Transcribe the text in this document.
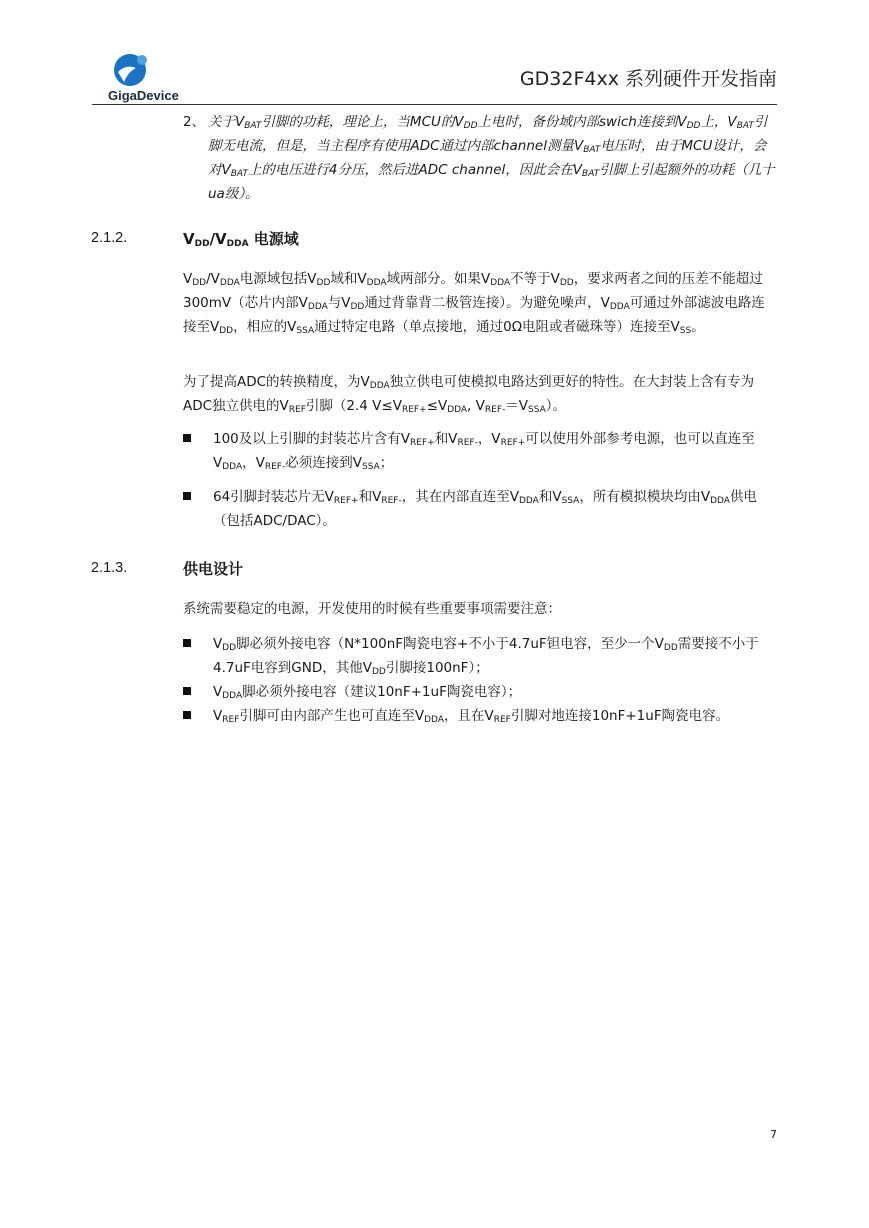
GigaDevice
GD32F4xx 系列硬件开发指南
2、 关于$V_{BAT}$引脚的功耗，理论上，当MCU的$V_{DD}$上电时，备份域内部swich连接到$V_{DD}$上，$V_{BAT}$引脚无电流，但是，当主程序有使用ADC通过内部channel测量$V_{BAT}$电压时，由于MCU设计，会对$V_{BAT}$上的电压进行4分压，然后进ADC channel，因此会在$V_{BAT}$引脚上引起额外的功耗（几十ua级）。
2.1.2.	$V_{DD}/V_{DDA}$ 电源域
$V_{DD}/V_{DDA}$电源域包括$V_{DD}$域和$V_{DDA}$域两部分。如果$V_{DDA}$不等于$V_{DD}$，要求两者之间的压差不能超过300mV（芯片内部$V_{DDA}$与$V_{DD}$通过背靠背二极管连接）。为避免噪声，$V_{DDA}$可通过外部滤波电路连接至$V_{DD}$，相应的$V_{SSA}$通过特定电路（单点接地，通过0Ω电阻或者磁珠等）连接至$V_{SS}$。
为了提高ADC的转换精度，为$V_{DDA}$独立供电可使模拟电路达到更好的特性。在大封装上含有专为ADC独立供电的$V_{REF}$引脚（2.4 $V\le V_{REF+}\le V_{DDA}$, $V_{REF-}=V_{SSA}$）。
100及以上引脚的封装芯片含有$V_{REF+}$和$V_{REF-}$，$V_{REF+}$可以使用外部参考电源，也可以直连至$V_{DDA}$，$V_{REF-}$必须连接到$V_{SSA}$；
64引脚封装芯片无$V_{REF+}$和$V_{REF-}$，其在内部直连至$V_{DDA}$和$V_{SSA}$，所有模拟模块均由$V_{DDA}$供电（包括ADC/DAC）。
2.1.3.	供电设计
系统需要稳定的电源，开发使用的时候有些重要事项需要注意：
$V_{DD}$脚必须外接电容（N*100nF陶瓷电容+不小于4.7uF钽电容，至少一个$V_{DD}$需要接不小于4.7uF电容到GND，其他$V_{DD}$引脚接100nF）；
$V_{DDA}$脚必须外接电容（建议10nF+1uF陶瓷电容）；
$V_{REF}$引脚可由内部产生也可直连至$V_{DDA}$，且在$V_{REF}$引脚对地连接10nF+1uF陶瓷电容。
7
